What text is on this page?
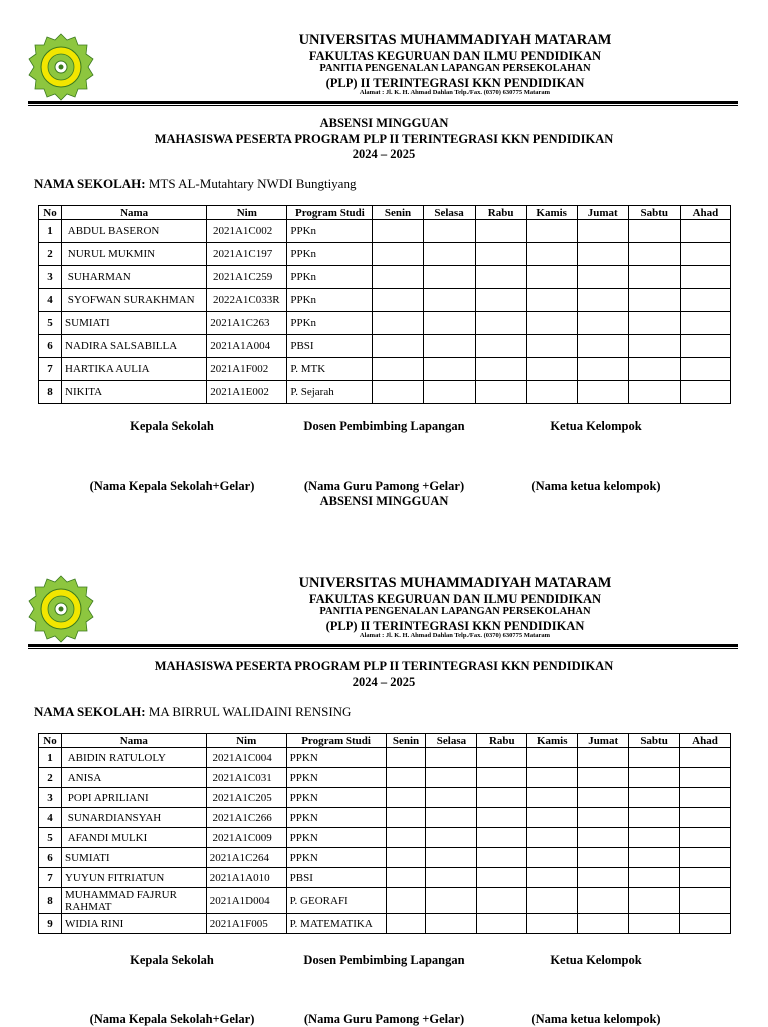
UNIVERSITAS MUHAMMADIYAH MATARAM
FAKULTAS KEGURUAN DAN ILMU PENDIDIKAN
PANITIA PENGENALAN LAPANGAN PERSEKOLAHAN
(PLP) II TERINTEGRASI KKN PENDIDIKAN
Alamat : Jl. K. H. Ahmad Dahlan Telp./Fax. (0370) 630775 Mataram
ABSENSI MINGGUAN
MAHASISWA PESERTA PROGRAM PLP II TERINTEGRASI KKN PENDIDIKAN
2024 – 2025
NAMA SEKOLAH: MTS AL-Mutahtary NWDI Bungtiyang
No	Nama	Nim	Program Studi	Senin	Selasa	Rabu	Kamis	Jumat	Sabtu	Ahad
1	ABDUL BASERON	2021A1C002	PPKn							
2	NURUL MUKMIN	2021A1C197	PPKn							
3	SUHARMAN	2021A1C259	PPKn							
4	SYOFWAN SURAKHMAN	2022A1C033R	PPKn							
5	SUMIATI	2021A1C263	PPKn							
6	NADIRA SALSABILLA	2021A1A004	PBSI							
7	HARTIKA AULIA	2021A1F002	P. MTK							
8	NIKITA	2021A1E002	P. Sejarah							
Kepala Sekolah	Dosen Pembimbing Lapangan	Ketua Kelompok
(Nama Kepala Sekolah+Gelar)	(Nama Guru Pamong +Gelar)	(Nama ketua kelompok)
ABSENSI MINGGUAN
UNIVERSITAS MUHAMMADIYAH MATARAM
FAKULTAS KEGURUAN DAN ILMU PENDIDIKAN
PANITIA PENGENALAN LAPANGAN PERSEKOLAHAN
(PLP) II TERINTEGRASI KKN PENDIDIKAN
Alamat : Jl. K. H. Ahmad Dahlan Telp./Fax. (0370) 630775 Mataram
MAHASISWA PESERTA PROGRAM PLP II TERINTEGRASI KKN PENDIDIKAN
2024 – 2025
NAMA SEKOLAH: MA BIRRUL WALIDAINI RENSING
No	Nama	Nim	Program Studi	Senin	Selasa	Rabu	Kamis	Jumat	Sabtu	Ahad
1	ABIDIN RATULOLY	2021A1C004	PPKN							
2	ANISA	2021A1C031	PPKN							
3	POPI APRILIANI	2021A1C205	PPKN							
4	SUNARDIANSYAH	2021A1C266	PPKN							
5	AFANDI MULKI	2021A1C009	PPKN							
6	SUMIATI	2021A1C264	PPKN							
7	YUYUN FITRIATUN	2021A1A010	PBSI							
8	MUHAMMAD FAJRUR RAHMAT	2021A1D004	P. GEORAFI							
9	WIDIA RINI	2021A1F005	P. MATEMATIKA							
Kepala Sekolah	Dosen Pembimbing Lapangan	Ketua Kelompok
(Nama Kepala Sekolah+Gelar)	(Nama Guru Pamong +Gelar)	(Nama ketua kelompok)
